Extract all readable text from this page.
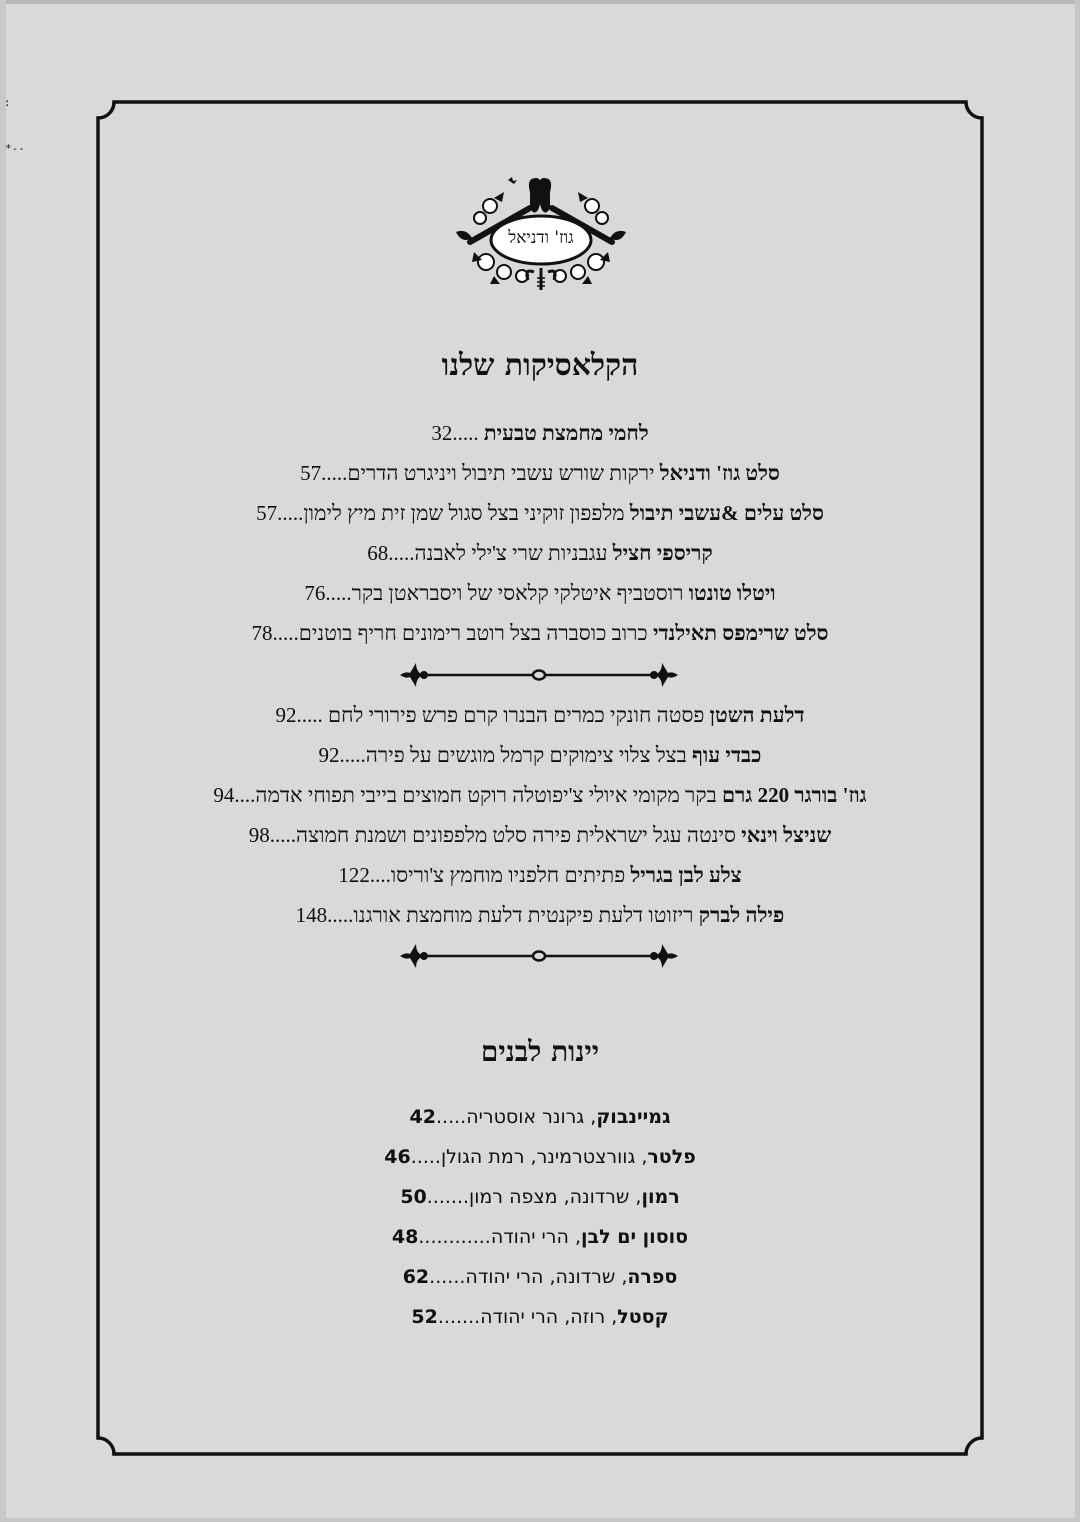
:
*--
גוז' ודניאל
הקלאסיקות שלנו
לחמי מחמצת טבעית .....32
סלט גוז' ודניאל ירקות שורש עשבי תיבול ויניגרט הדרים.....57
סלט עלים &עשבי תיבול מלפפון זוקיני בצל סגול שמן זית מיץ לימון.....57
קריספי חציל עגבניות שרי צ'ילי לאבנה.....68
ויטלו טונטו רוסטביף איטלקי קלאסי של ויסבראטן בקר.....76
סלט שרימפס תאילנדי כרוב כוסברה בצל רוטב רימונים חריף בוטנים.....78
דלעת השטן פסטה חונקי כמרים הבנרו קרם פרש פירורי לחם .....92
כבדי עוף בצל צלוי צימוקים קרמל מוגשים על פירה.....92
גוז' בורגר 220 גרם בקר מקומי איולי צ'יפוטלה רוקט חמוצים בייבי תפוחי אדמה....94
שניצל וינאי סינטה עגל ישראלית פירה סלט מלפפונים ושמנת חמוצה.....98
צלע לבן בגריל פתיתים חלפניו מוחמץ צ'וריסו....122
פילה לברק ריזוטו דלעת פיקנטית דלעת מוחמצת אורגנו.....148
יינות לבנים
גמיינבוק, גרונר אוסטריה.....42
פלטר, גוורצטרמינר, רמת הגולן.....46
רמון, שרדונה, מצפה רמון.......50
סוסון ים לבן, הרי יהודה............48
ספרה, שרדונה, הרי יהודה......62
קסטל, רוזה, הרי יהודה.......52
